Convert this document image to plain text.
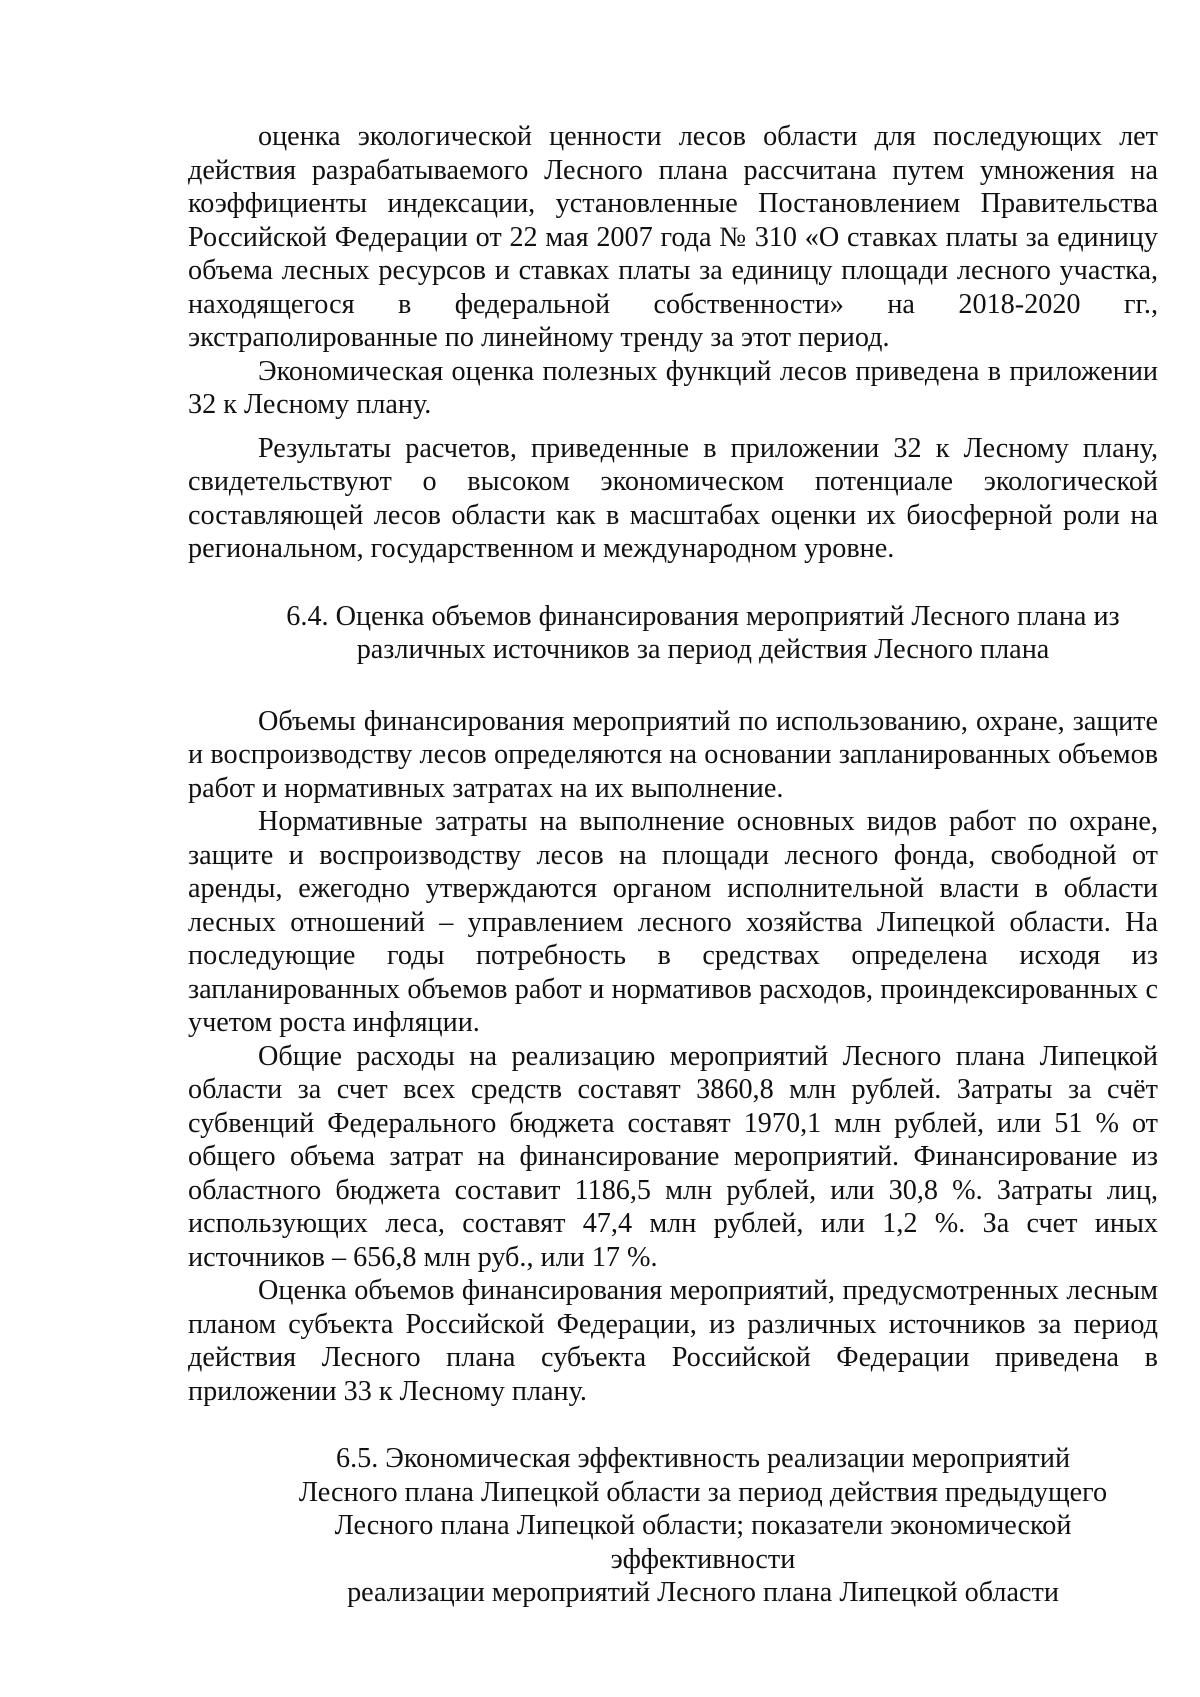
оценка экологической ценности лесов области для последующих лет действия разрабатываемого Лесного плана рассчитана путем умножения на коэффициенты индексации, установленные Постановлением Правительства Российской Федерации от 22 мая 2007 года № 310 «О ставках платы за единицу объема лесных ресурсов и ставках платы за единицу площади лесного участка, находящегося в федеральной собственности» на 2018-2020 гг., экстраполированные по линейному тренду за этот период.

Экономическая оценка полезных функций лесов приведена в приложении 32 к Лесному плану.

Результаты расчетов, приведенные в приложении 32 к Лесному плану, свидетельствуют о высоком экономическом потенциале экологической составляющей лесов области как в масштабах оценки их биосферной роли на региональном, государственном и международном уровне.

6.4. Оценка объемов финансирования мероприятий Лесного плана из
различных источников за период действия Лесного плана

Объемы финансирования мероприятий по использованию, охране, защите и воспроизводству лесов определяются на основании запланированных объемов работ и нормативных затратах на их выполнение.

Нормативные затраты на выполнение основных видов работ по охране, защите и воспроизводству лесов на площади лесного фонда, свободной от аренды, ежегодно утверждаются органом исполнительной власти в области лесных отношений – управлением лесного хозяйства Липецкой области. На последующие годы потребность в средствах определена исходя из запланированных объемов работ и нормативов расходов, проиндексированных с учетом роста инфляции.

Общие расходы на реализацию мероприятий Лесного плана Липецкой области за счет всех средств составят 3860,8 млн рублей. Затраты за счёт субвенций Федерального бюджета составят 1970,1 млн рублей, или 51 % от общего объема затрат на финансирование мероприятий. Финансирование из областного бюджета составит 1186,5 млн рублей, или 30,8 %. Затраты лиц, использующих леса, составят 47,4 млн рублей, или 1,2 %. За счет иных источников – 656,8 млн руб., или 17 %.

Оценка объемов финансирования мероприятий, предусмотренных лесным планом субъекта Российской Федерации, из различных источников за период действия Лесного плана субъекта Российской Федерации приведена в приложении 33 к Лесному плану.

6.5. Экономическая эффективность реализации мероприятий
Лесного плана Липецкой области за период действия предыдущего
Лесного плана Липецкой области; показатели экономической эффективности
реализации мероприятий Лесного плана Липецкой области
